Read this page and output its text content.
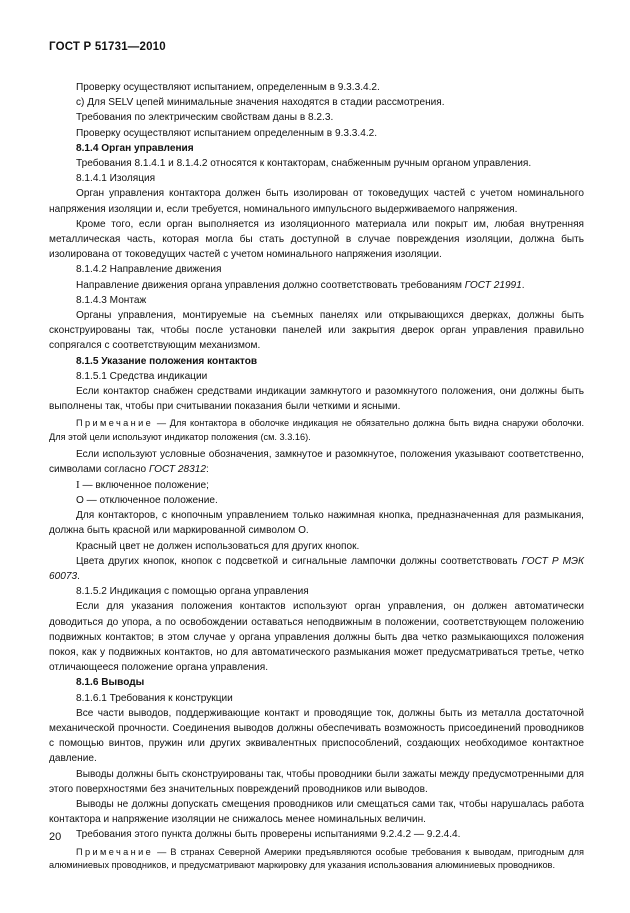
ГОСТ Р 51731—2010

Проверку осуществляют испытанием, определенным в 9.3.3.4.2.

с) Для SELV цепей минимальные значения находятся в стадии рассмотрения.

Требования по электрическим свойствам даны в 8.2.3.

Проверку осуществляют испытанием определенным в 9.3.3.4.2.

8.1.4 Орган управления

Требования 8.1.4.1 и 8.1.4.2 относятся к контакторам, снабженным ручным органом управления.

8.1.4.1 Изоляция

Орган управления контактора должен быть изолирован от токоведущих частей с учетом номинального напряжения изоляции и, если требуется, номинального импульсного выдерживаемого напряжения.

Кроме того, если орган выполняется из изоляционного материала или покрыт им, любая внутренняя металлическая часть, которая могла бы стать доступной в случае повреждения изоляции, должна быть изолирована от токоведущих частей с учетом номинального напряжения изоляции.

8.1.4.2 Направление движения

Направление движения органа управления должно соответствовать требованиям ГОСТ 21991.

8.1.4.3 Монтаж

Органы управления, монтируемые на съемных панелях или открывающихся дверках, должны быть сконструированы так, чтобы после установки панелей или закрытия дверок орган управления правильно сопрягался с соответствующим механизмом.

8.1.5 Указание положения контактов

8.1.5.1 Средства индикации

Если контактор снабжен средствами индикации замкнутого и разомкнутого положения, они должны быть выполнены так, чтобы при считывании показания были четкими и ясными.

Примечание — Для контактора в оболочке индикация не обязательно должна быть видна снаружи оболочки. Для этой цели используют индикатор положения (см. 3.3.16).

Если используют условные обозначения, замкнутое и разомкнутое, положения указывают соответственно, символами согласно ГОСТ 28312:

I — включенное положение;

О — отключенное положение.

Для контакторов, с кнопочным управлением только нажимная кнопка, предназначенная для размыкания, должна быть красной или маркированной символом О.

Красный цвет не должен использоваться для других кнопок.

Цвета других кнопок, кнопок с подсветкой и сигнальные лампочки должны соответствовать ГОСТ Р МЭК 60073.

8.1.5.2 Индикация с помощью органа управления

Если для указания положения контактов используют орган управления, он должен автоматически доводиться до упора, а по освобождении оставаться неподвижным в положении, соответствующем положению подвижных контактов; в этом случае у органа управления должны быть два четко размыкающихся положения покоя, как у подвижных контактов, но для автоматического размыкания может предусматриваться третье, четко отличающееся положение органа управления.

8.1.6 Выводы

8.1.6.1 Требования к конструкции

Все части выводов, поддерживающие контакт и проводящие ток, должны быть из металла достаточной механической прочности. Соединения выводов должны обеспечивать возможность присоединений проводников с помощью винтов, пружин или других эквивалентных приспособлений, создающих необходимое контактное давление.

Выводы должны быть сконструированы так, чтобы проводники были зажаты между предусмотренными для этого поверхностями без значительных повреждений проводников или выводов.

Выводы не должны допускать смещения проводников или смещаться сами так, чтобы нарушалась работа контактора и напряжение изоляции не снижалось менее номинальных величин.

Требования этого пункта должны быть проверены испытаниями 9.2.4.2 — 9.2.4.4.

Примечание — В странах Северной Америки предъявляются особые требования к выводам, пригодным для алюминиевых проводников, и предусматривают маркировку для указания использования алюминиевых проводников.

20
